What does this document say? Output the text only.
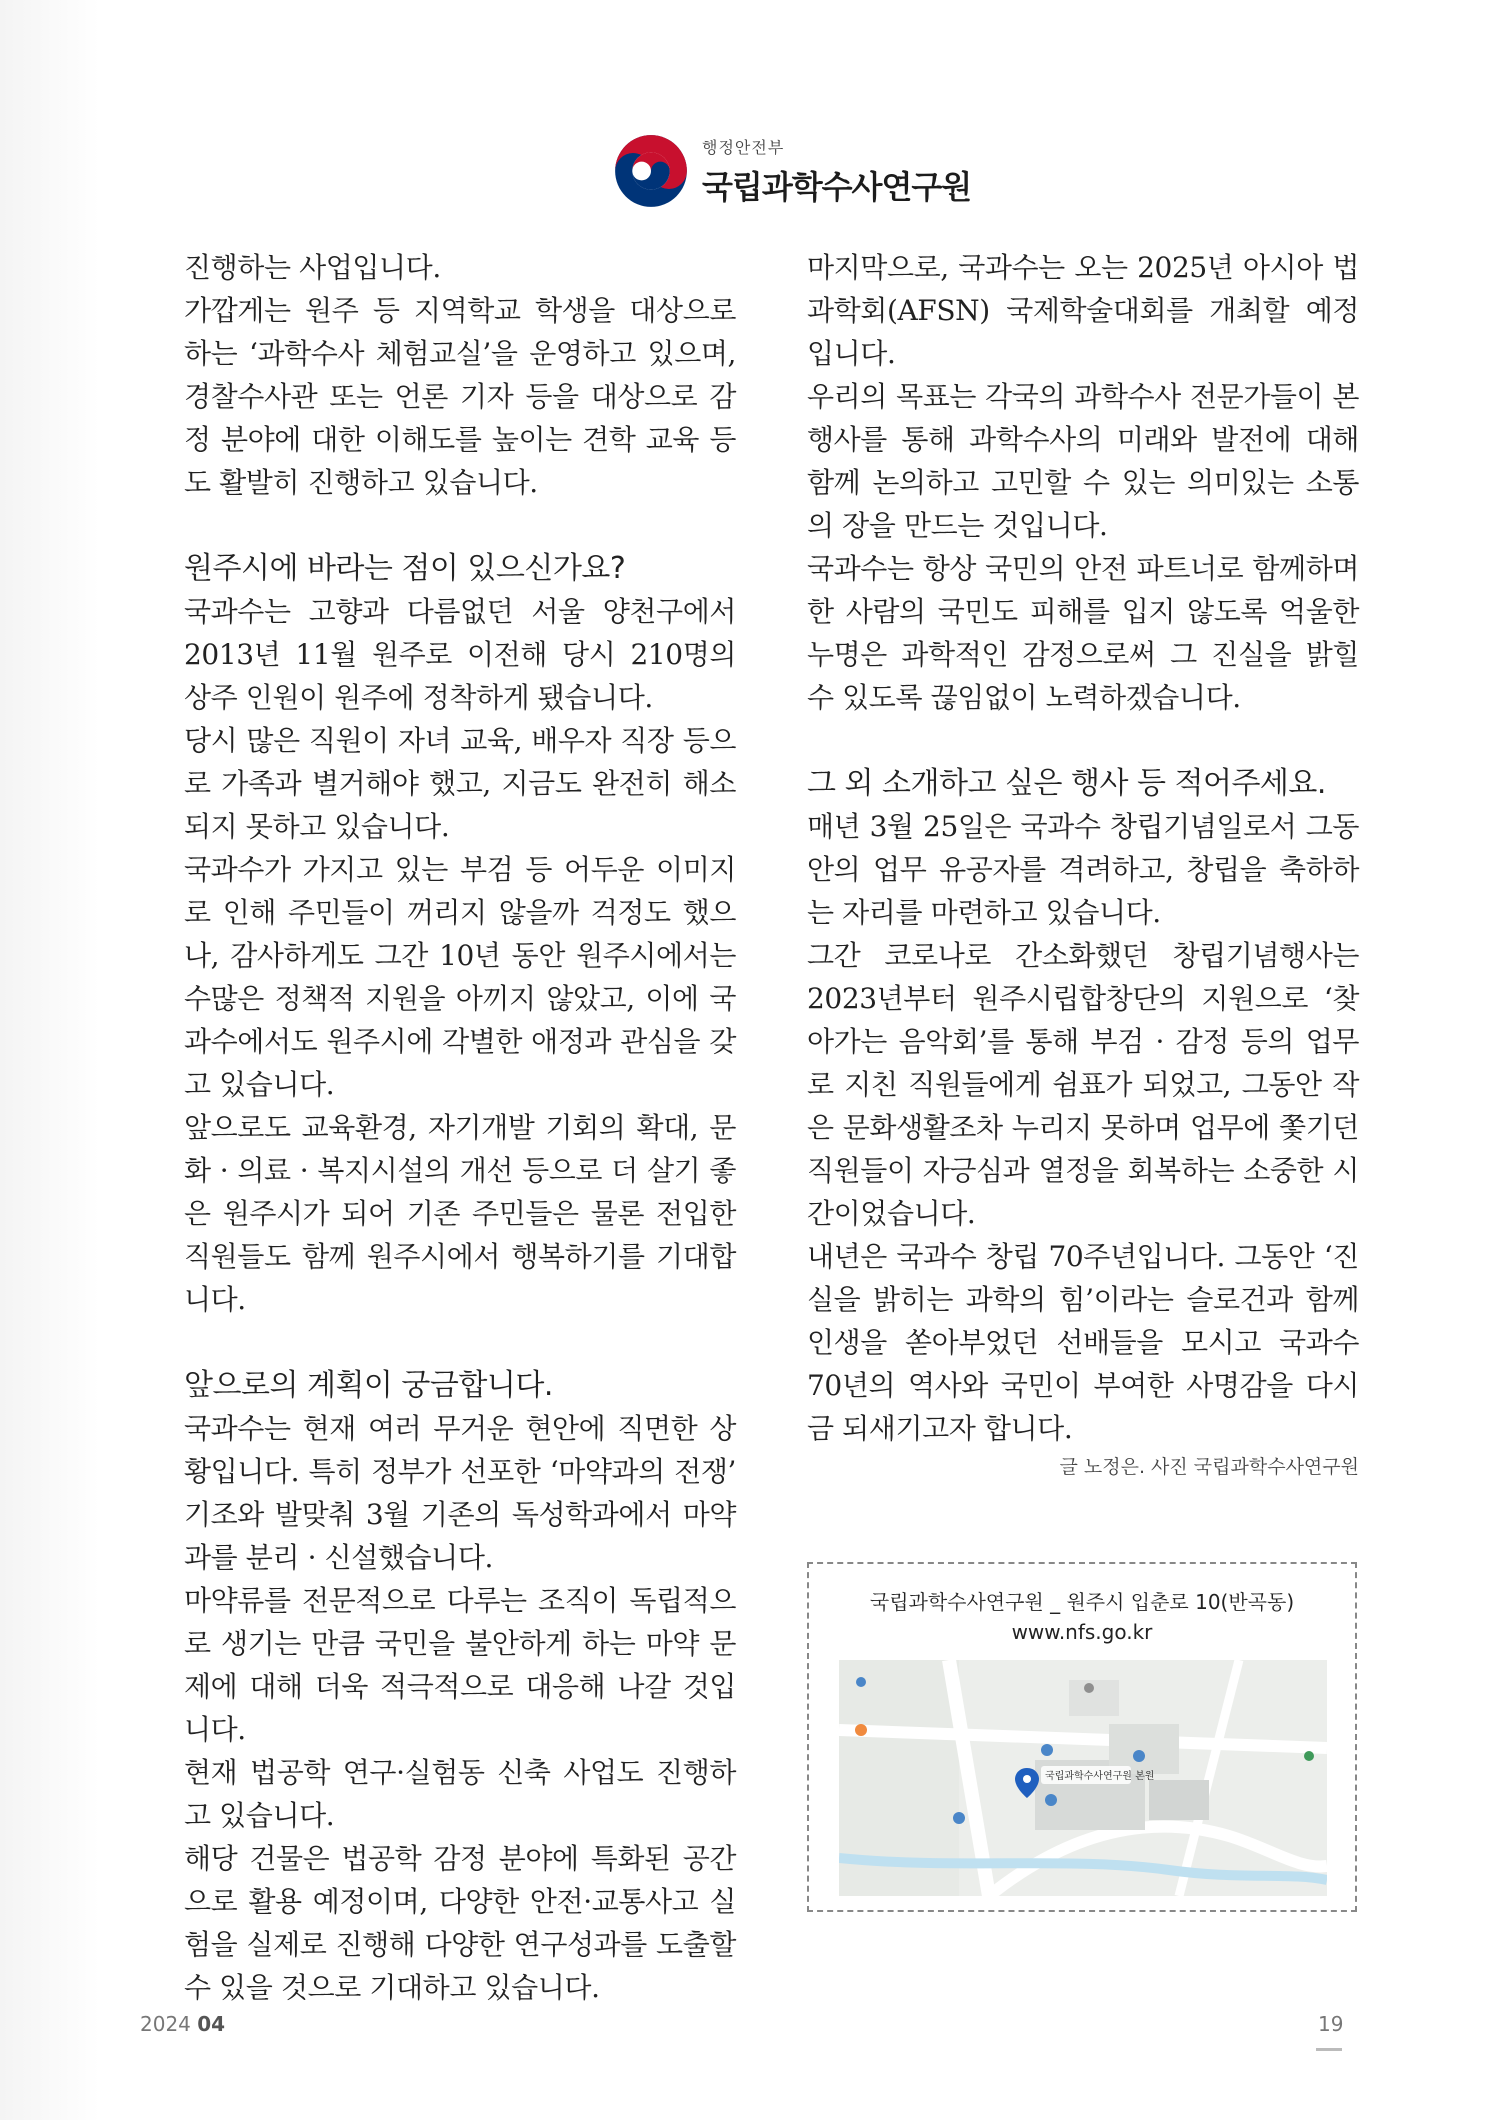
행정안전부
국립과학수사연구원

진행하는 사업입니다.

가깝게는 원주 등 지역학교 학생을 대상으로 하는 ‘과학수사 체험교실’을 운영하고 있으며, 경찰수사관 또는 언론 기자 등을 대상으로 감정 분야에 대한 이해도를 높이는 견학 교육 등도 활발히 진행하고 있습니다.

원주시에 바라는 점이 있으신가요?

국과수는 고향과 다름없던 서울 양천구에서 2013년 11월 원주로 이전해 당시 210명의 상주 인원이 원주에 정착하게 됐습니다.

당시 많은 직원이 자녀 교육, 배우자 직장 등으로 가족과 별거해야 했고, 지금도 완전히 해소되지 못하고 있습니다.

국과수가 가지고 있는 부검 등 어두운 이미지로 인해 주민들이 꺼리지 않을까 걱정도 했으나, 감사하게도 그간 10년 동안 원주시에서는 수많은 정책적 지원을 아끼지 않았고, 이에 국과수에서도 원주시에 각별한 애정과 관심을 갖고 있습니다.

앞으로도 교육환경, 자기개발 기회의 확대, 문화 · 의료 · 복지시설의 개선 등으로 더 살기 좋은 원주시가 되어 기존 주민들은 물론 전입한 직원들도 함께 원주시에서 행복하기를 기대합니다.

앞으로의 계획이 궁금합니다.

국과수는 현재 여러 무거운 현안에 직면한 상황입니다. 특히 정부가 선포한 ‘마약과의 전쟁’ 기조와 발맞춰 3월 기존의 독성학과에서 마약과를 분리 · 신설했습니다.

마약류를 전문적으로 다루는 조직이 독립적으로 생기는 만큼 국민을 불안하게 하는 마약 문제에 대해 더욱 적극적으로 대응해 나갈 것입니다.

현재 법공학 연구·실험동 신축 사업도 진행하고 있습니다.

해당 건물은 법공학 감정 분야에 특화된 공간으로 활용 예정이며, 다양한 안전·교통사고 실험을 실제로 진행해 다양한 연구성과를 도출할 수 있을 것으로 기대하고 있습니다.

마지막으로, 국과수는 오는 2025년 아시아 법과학회(AFSN) 국제학술대회를 개최할 예정입니다.

우리의 목표는 각국의 과학수사 전문가들이 본 행사를 통해 과학수사의 미래와 발전에 대해 함께 논의하고 고민할 수 있는 의미있는 소통의 장을 만드는 것입니다.

국과수는 항상 국민의 안전 파트너로 함께하며 한 사람의 국민도 피해를 입지 않도록 억울한 누명은 과학적인 감정으로써 그 진실을 밝힐 수 있도록 끊임없이 노력하겠습니다.

그 외 소개하고 싶은 행사 등 적어주세요.

매년 3월 25일은 국과수 창립기념일로서 그동안의 업무 유공자를 격려하고, 창립을 축하하는 자리를 마련하고 있습니다.

그간 코로나로 간소화했던 창립기념행사는 2023년부터 원주시립합창단의 지원으로 ‘찾아가는 음악회’를 통해 부검 · 감정 등의 업무로 지친 직원들에게 쉼표가 되었고, 그동안 작은 문화생활조차 누리지 못하며 업무에 쫓기던 직원들이 자긍심과 열정을 회복하는 소중한 시간이었습니다.

내년은 국과수 창립 70주년입니다. 그동안 ‘진실을 밝히는 과학의 힘’이라는 슬로건과 함께 인생을 쏟아부었던 선배들을 모시고 국과수 70년의 역사와 국민이 부여한 사명감을 다시금 되새기고자 합니다.

글 노정은. 사진 국립과학수사연구원
국립과학수사연구원 _ 원주시 입춘로 10(반곡동)
www.nfs.go.kr
국립과학수사연구원 본원
2024 04	19
